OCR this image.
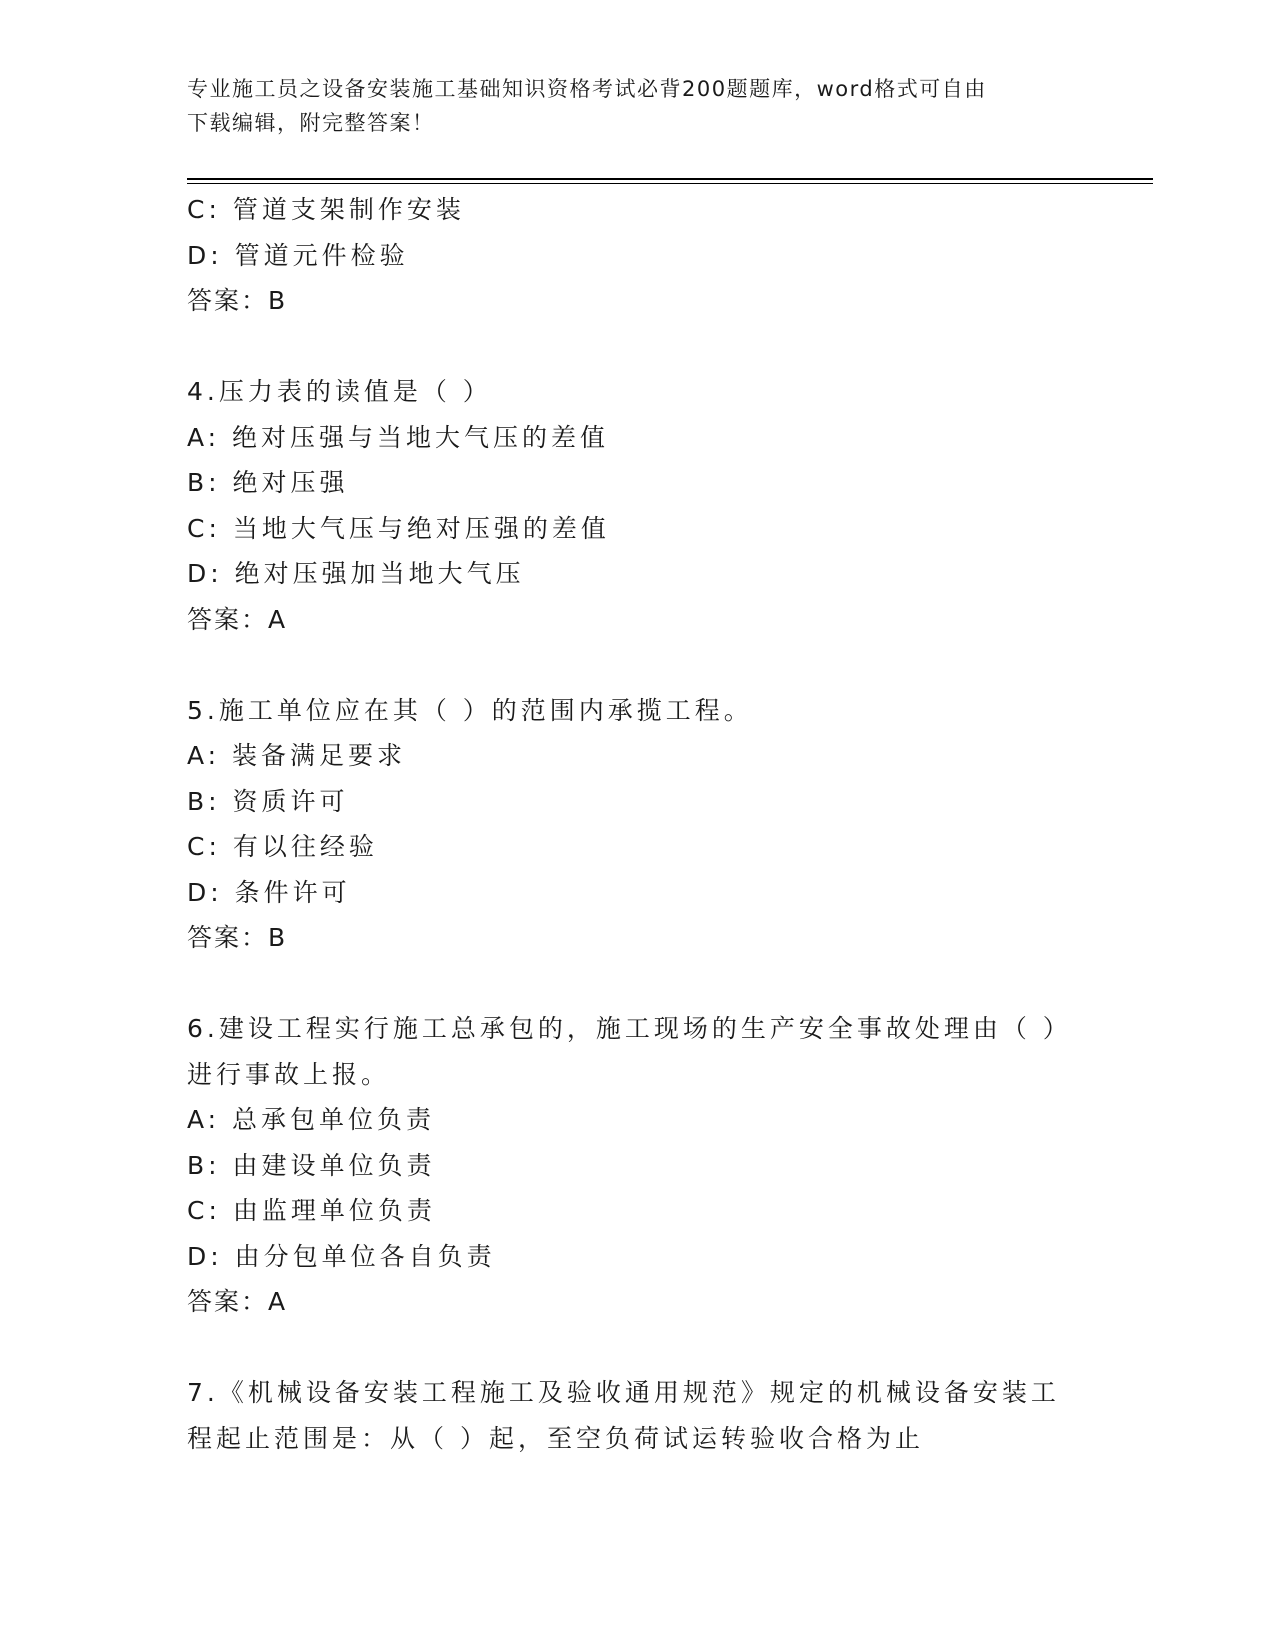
专业施工员之设备安装施工基础知识资格考试必背200题题库，word格式可自由
下载编辑，附完整答案！
C: 管道支架制作安装
D: 管道元件检验
答案：B
4.压力表的读值是（ ）
A: 绝对压强与当地大气压的差值
B: 绝对压强
C: 当地大气压与绝对压强的差值
D: 绝对压强加当地大气压
答案：A
5.施工单位应在其（ ）的范围内承揽工程。
A: 装备满足要求
B: 资质许可
C: 有以往经验
D: 条件许可
答案：B
6.建设工程实行施工总承包的，施工现场的生产安全事故处理由（ ）
进行事故上报。
A: 总承包单位负责
B: 由建设单位负责
C: 由监理单位负责
D: 由分包单位各自负责
答案：A
7.《机械设备安装工程施工及验收通用规范》规定的机械设备安装工
程起止范围是：从（ ）起，至空负荷试运转验收合格为止
